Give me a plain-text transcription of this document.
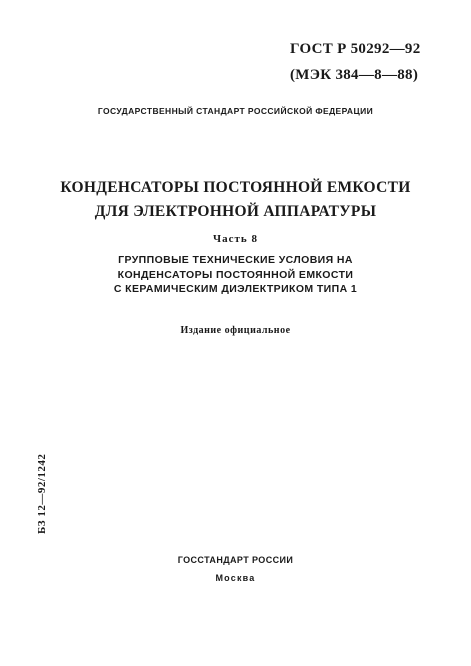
ГОСТ Р 50292—92
(МЭК 384—8—88)
ГОСУДАРСТВЕННЫЙ СТАНДАРТ РОССИЙСКОЙ ФЕДЕРАЦИИ
КОНДЕНСАТОРЫ ПОСТОЯННОЙ ЕМКОСТИ
ДЛЯ ЭЛЕКТРОННОЙ АППАРАТУРЫ
Часть 8
ГРУППОВЫЕ ТЕХНИЧЕСКИЕ УСЛОВИЯ НА
КОНДЕНСАТОРЫ ПОСТОЯННОЙ ЕМКОСТИ
С КЕРАМИЧЕСКИМ ДИЭЛЕКТРИКОМ ТИПА 1
Издание официальное
БЗ 12—92/1242
ГОССТАНДАРТ РОССИИ
Москва
